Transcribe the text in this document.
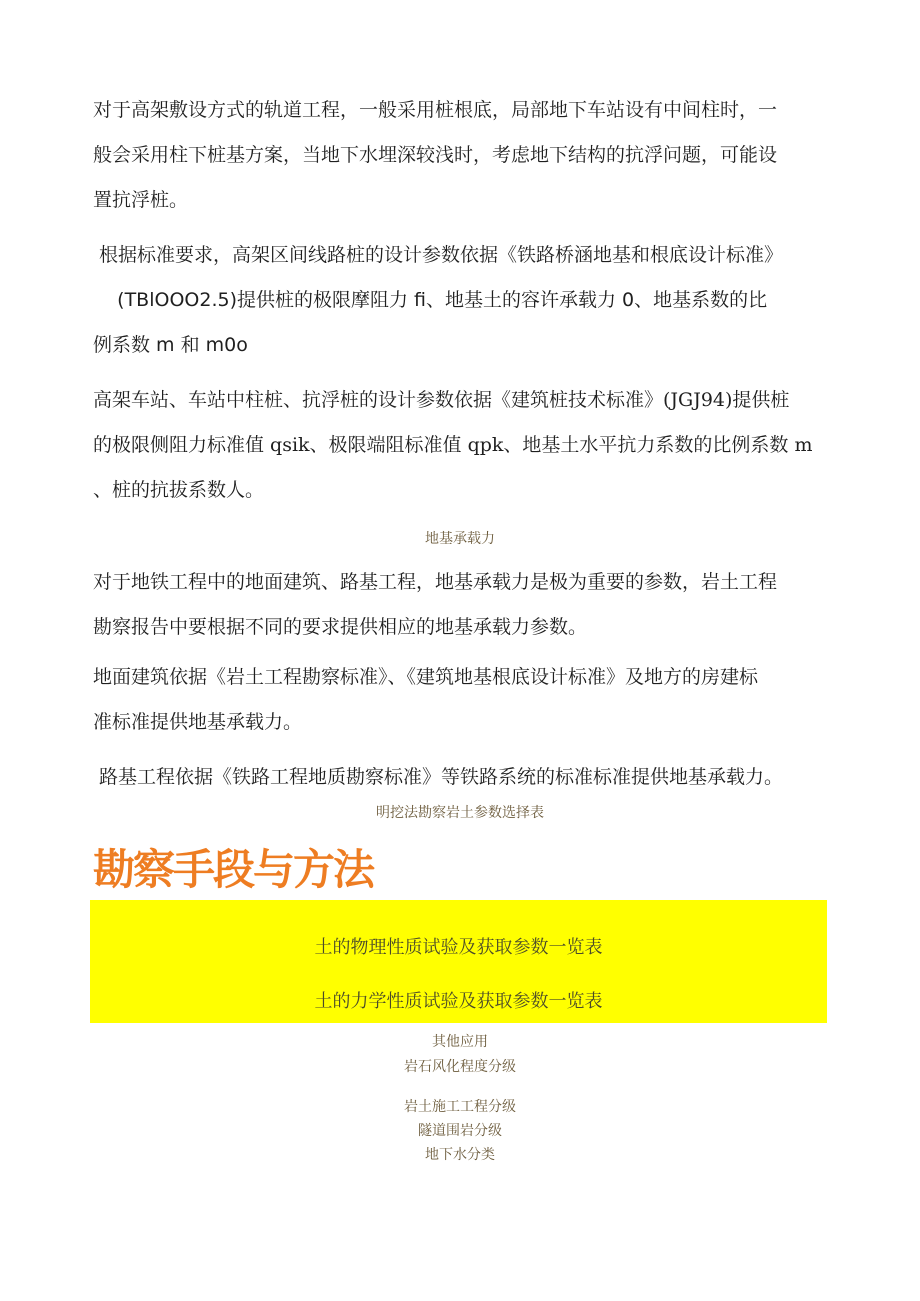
对于高架敷设方式的轨道工程，一般采用桩根底，局部地下车站设有中间柱时，一
般会采用柱下桩基方案，当地下水埋深较浅时，考虑地下结构的抗浮问题，可能设
置抗浮桩。
根据标准要求，高架区间线路桩的设计参数依据《铁路桥涵地基和根底设计标准》
(TBlOOO2.5)提供桩的极限摩阻力 fi、地基土的容许承载力 0、地基系数的比
例系数 m 和 m0o
高架车站、车站中柱桩、抗浮桩的设计参数依据《建筑桩技术标准》(JGJ94)提供桩
的极限侧阻力标准值 qsik、极限端阻标准值 qpk、地基土水平抗力系数的比例系数 m
、桩的抗拔系数人。
地基承载力
对于地铁工程中的地面建筑、路基工程，地基承载力是极为重要的参数，岩土工程
勘察报告中要根据不同的要求提供相应的地基承载力参数。
地面建筑依据《岩土工程勘察标准》、《建筑地基根底设计标准》及地方的房建标
准标准提供地基承载力。
路基工程依据《铁路工程地质勘察标准》等铁路系统的标准标准提供地基承载力。
明挖法勘察岩土参数选择表
勘察手段与方法
土的物理性质试验及获取参数一览表
土的力学性质试验及获取参数一览表
其他应用
岩石风化程度分级
岩土施工工程分级
隧道围岩分级
地下水分类
